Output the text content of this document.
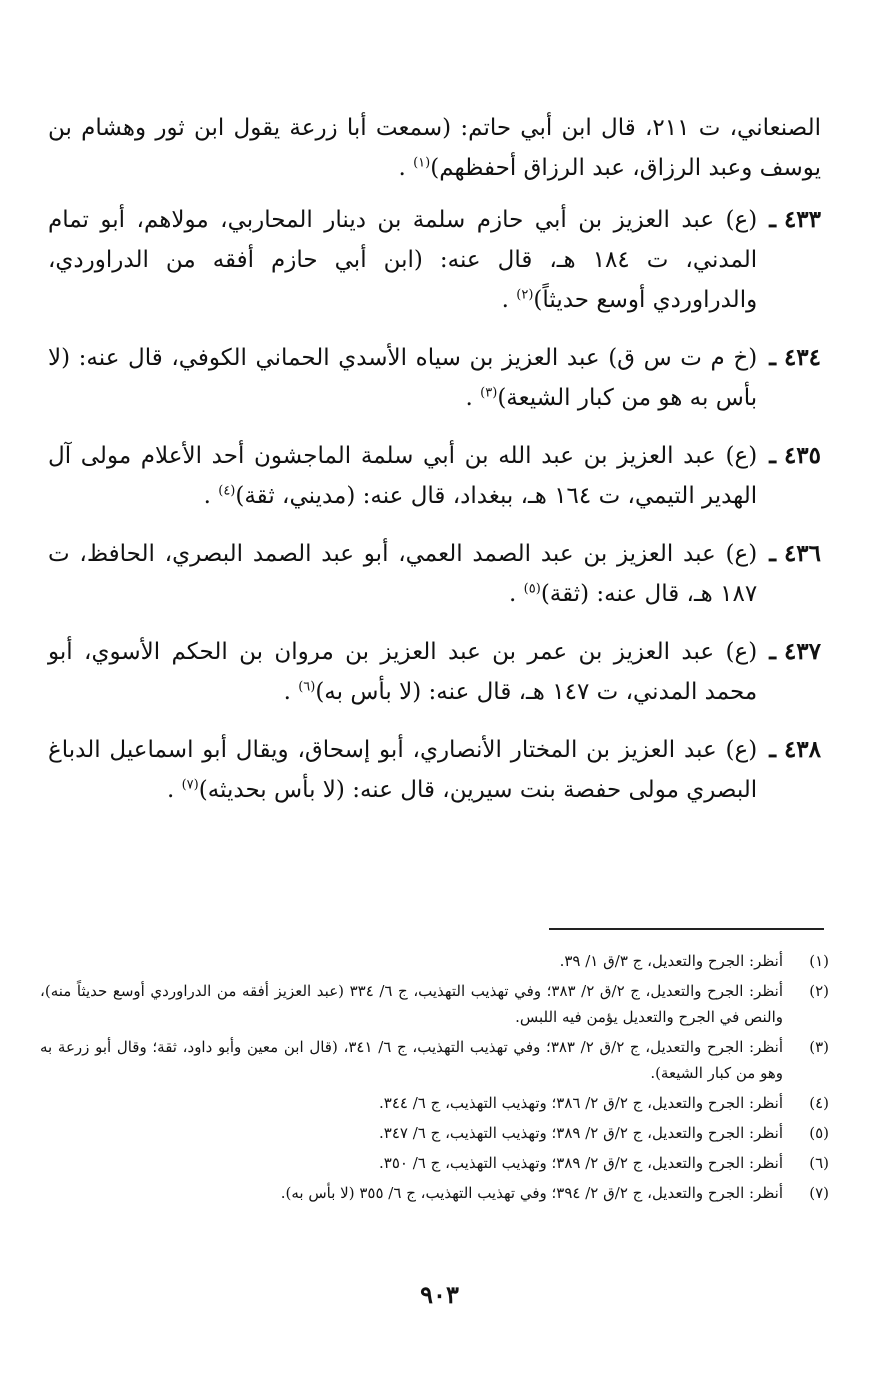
الصنعاني، ت ٢١١، قال ابن أبي حاتم: (سمعت أبا زرعة يقول ابن ثور وهشام بن يوسف وعبد الرزاق، عبد الرزاق أحفظهم)$^{(١)}$ .

٤٣٣ ـ
(ع) عبد العزيز بن أبي حازم سلمة بن دينار المحاربي، مولاهم، أبو تمام المدني، ت ١٨٤ هـ، قال عنه: (ابن أبي حازم أفقه من الدراوردي، والدراوردي أوسع حديثاً)$^{(٢)}$ .
٤٣٤ ـ
(خ م ت س ق) عبد العزيز بن سياه الأسدي الحماني الكوفي، قال عنه: (لا بأس به هو من كبار الشيعة)$^{(٣)}$ .
٤٣٥ ـ
(ع) عبد العزيز بن عبد الله بن أبي سلمة الماجشون أحد الأعلام مولى آل الهدير التيمي، ت ١٦٤ هـ، ببغداد، قال عنه: (مديني، ثقة)$^{(٤)}$ .
٤٣٦ ـ
(ع) عبد العزيز بن عبد الصمد العمي، أبو عبد الصمد البصري، الحافظ، ت ١٨٧ هـ، قال عنه: (ثقة)$^{(٥)}$ .
٤٣٧ ـ
(ع) عبد العزيز بن عمر بن عبد العزيز بن مروان بن الحكم الأسوي، أبو محمد المدني، ت ١٤٧ هـ، قال عنه: (لا بأس به)$^{(٦)}$ .
٤٣٨ ـ
(ع) عبد العزيز بن المختار الأنصاري، أبو إسحاق، ويقال أبو اسماعيل الدباغ البصري مولى حفصة بنت سيرين، قال عنه: (لا بأس بحديثه)$^{(٧)}$ .
(١)
أنظر: الجرح والتعديل، ج ٣/ق ١/ ٣٩.
(٢)
أنظر: الجرح والتعديل، ج ٢/ق ٢/ ٣٨٣؛ وفي تهذيب التهذيب، ج ٦/ ٣٣٤ (عبد العزيز أفقه من الدراوردي أوسع حديثاً منه)، والنص في الجرح والتعديل يؤمن فيه اللبس.
(٣)
أنظر: الجرح والتعديل، ج ٢/ق ٢/ ٣٨٣؛ وفي تهذيب التهذيب، ج ٦/ ٣٤١، (قال ابن معين وأبو داود، ثقة؛ وقال أبو زرعة به وهو من كبار الشيعة).
(٤)
أنظر: الجرح والتعديل، ج ٢/ق ٢/ ٣٨٦؛ وتهذيب التهذيب، ج ٦/ ٣٤٤.
(٥)
أنظر: الجرح والتعديل، ج ٢/ق ٢/ ٣٨٩؛ وتهذيب التهذيب، ج ٦/ ٣٤٧.
(٦)
أنظر: الجرح والتعديل، ج ٢/ق ٢/ ٣٨٩؛ وتهذيب التهذيب، ج ٦/ ٣٥٠.
(٧)
أنظر: الجرح والتعديل، ج ٢/ق ٢/ ٣٩٤؛ وفي تهذيب التهذيب، ج ٦/ ٣٥٥ (لا بأس به).
٩٠٣
